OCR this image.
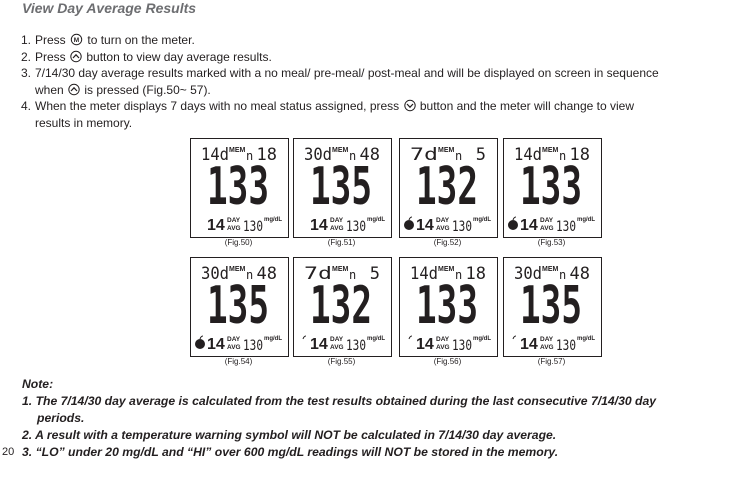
View Day Average Results
1. Press M to turn on the meter.
2. Press  button to view day average results.
3. 7/14/30 day average results marked with a no meal/ pre-meal/ post-meal and will be displayed on screen in sequence
when  is pressed (Fig.50~ 57).
4. When the meter displays 7 days with no meal status assigned, press  button and the meter will change to view
results in memory.
14d MEM n 18
133
14 DAY
AVG 130 mg/dL
(Fig.50)
30d MEM n 48
135
14 DAY
AVG 130 mg/dL
(Fig.51)
7d MEM n 5
132
14 DAY
AVG 130 mg/dL
(Fig.52)
14d MEM n 18
133
14 DAY
AVG 130 mg/dL
(Fig.53)
30d MEM n 48
135
14 DAY
AVG 130 mg/dL
(Fig.54)
7d MEM n 5
132
14 DAY
AVG 130 mg/dL
(Fig.55)
14d MEM n 18
133
14 DAY
AVG 130 mg/dL
(Fig.56)
30d MEM n 48
135
14 DAY
AVG 130 mg/dL
(Fig.57)
Note:
1. The 7/14/30 day average is calculated from the test results obtained during the last consecutive 7/14/30 day
periods.
2. A result with a temperature warning symbol will NOT be calculated in 7/14/30 day average.
3. “LO” under 20 mg/dL and “HI” over 600 mg/dL readings will NOT be stored in the memory.
20
